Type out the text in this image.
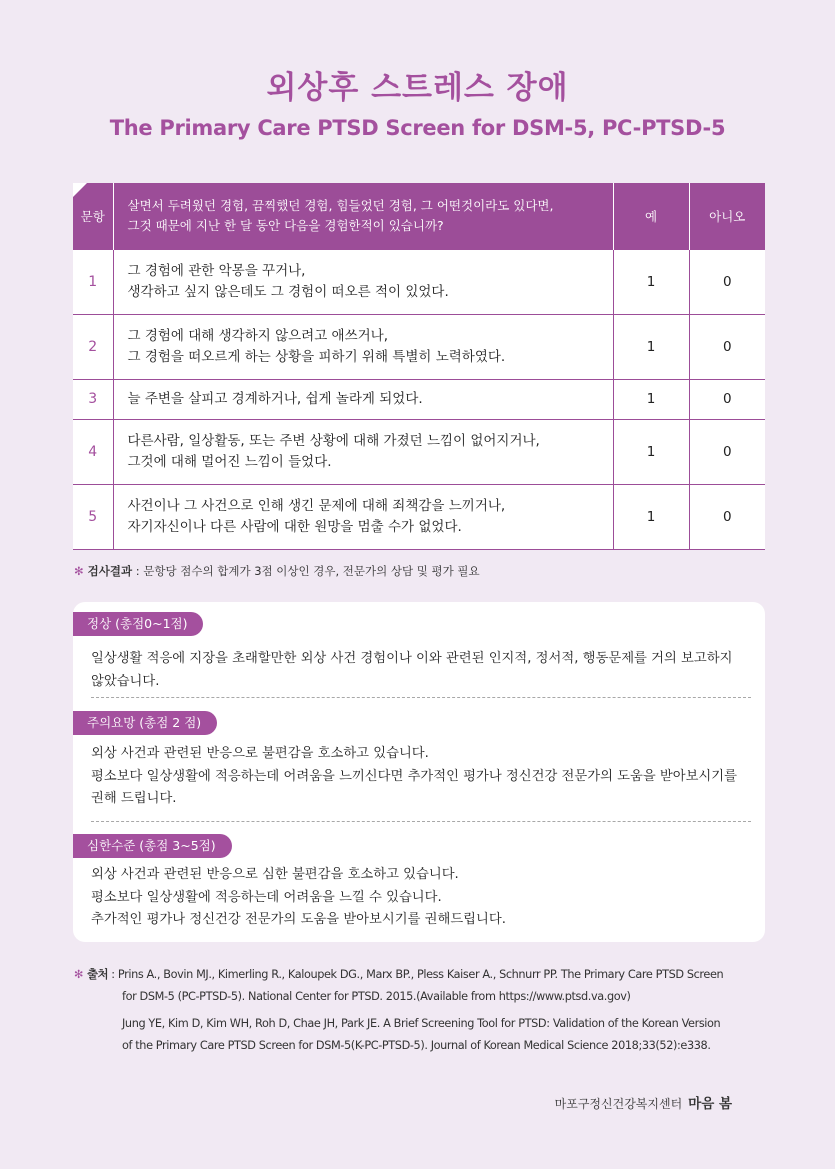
외상후 스트레스 장애
The Primary Care PTSD Screen for DSM-5, PC-PTSD-5
문항	살면서 두려웠던 경험, 끔찍했던 경험, 힘들었던 경험, 그 어떤것이라도 있다면,
그것 때문에 지난 한 달 동안 다음을 경험한적이 있습니까?	예	아니오
1	그 경험에 관한 악몽을 꾸거나,
생각하고 싶지 않은데도 그 경험이 떠오른 적이 있었다.	1	0
2	그 경험에 대해 생각하지 않으려고 애쓰거나,
그 경험을 떠오르게 하는 상황을 피하기 위해 특별히 노력하였다.	1	0
3	늘 주변을 살피고 경계하거나, 쉽게 놀라게 되었다.	1	0
4	다른사람, 일상활동, 또는 주변 상황에 대해 가졌던 느낌이 없어지거나,
그것에 대해 멀어진 느낌이 들었다.	1	0
5	사건이나 그 사건으로 인해 생긴 문제에 대해 죄책감을 느끼거나,
자기자신이나 다른 사람에 대한 원망을 멈출 수가 없었다.	1	0
✻ 검사결과 : 문항당 점수의 합계가 3점 이상인 경우, 전문가의 상담 및 평가 필요
정상 (총점0~1점)
일상생활 적응에 지장을 초래할만한 외상 사건 경험이나 이와 관련된 인지적, 정서적, 행동문제를 거의 보고하지
않았습니다.
주의요망 (총점 2 점)
외상 사건과 관련된 반응으로 불편감을 호소하고 있습니다.
평소보다 일상생활에 적응하는데 어려움을 느끼신다면 추가적인 평가나 정신건강 전문가의 도움을 받아보시기를
권해 드립니다.
심한수준 (총점 3~5점)
외상 사건과 관련된 반응으로 심한 불편감을 호소하고 있습니다.
평소보다 일상생활에 적응하는데 어려움을 느낄 수 있습니다.
추가적인 평가나 정신건강 전문가의 도움을 받아보시기를 권해드립니다.
✻ 출처 : Prins A., Bovin MJ., Kimerling R., Kaloupek DG., Marx BP., Pless Kaiser A., Schnurr PP. The Primary Care PTSD Screen
for DSM-5 (PC-PTSD-5). National Center for PTSD. 2015.(Available from https://www.ptsd.va.gov)
Jung YE, Kim D, Kim WH, Roh D, Chae JH, Park JE. A Brief Screening Tool for PTSD: Validation of the Korean Version
of the Primary Care PTSD Screen for DSM-5(K-PC-PTSD-5). Journal of Korean Medical Science 2018;33(52):e338.
마포구정신건강복지센터 마음 봄
